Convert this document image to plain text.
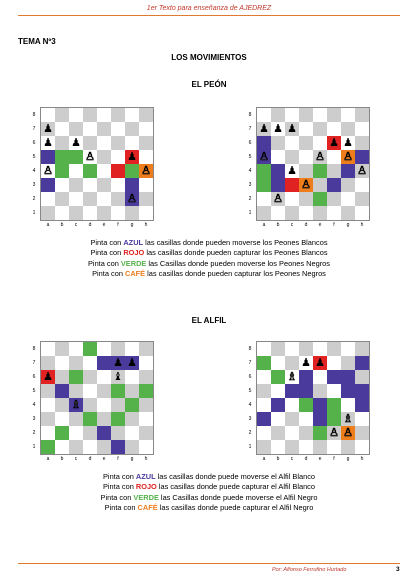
1er Texto para enseñanza de AJEDREZ
TEMA Nº3
LOS MOVIMIENTOS
EL PEÓN
♟
♟ ♟
♙	♟
♙	♙
♙
♟ ♟ ♟
♟ ♟
♙	♙ ♙
♟	♙
♙
♙
Pinta con AZUL las casillas donde pueden moverse los Peones Blancos
Pinta con ROJO las casillas donde pueden capturar los Peones Blancos
Pinta con VERDE las Casillas donde pueden moverse los Peones Negros
Pinta con CAFÉ las casillas donde pueden capturar los Peones Negros
EL ALFIL
♟ ♟
♟	♝
♗
♟ ♟
♗
♗
♙ ♙
Pinta con AZUL las casillas donde puede moverse el Alfil Blanco
Pinta con ROJO las casillas donde puede capturar el Alfil Blanco
Pinta con VERDE las Casillas donde puede moverse el Alfil Negro
Pinta con CAFÉ las casillas donde puede capturar el Alfil Negro
Por: Alfonso Ferrufino Hurtado	3
8
7
6
5
4
3
2
1
a	b	c	d	e	f	g	h
8
7
6
5
4
3
2
1
a	b	c	d	e	f	g	h
8
7
6
5
4
3
2
1
a	b	c	d	e	f	g	h
8
7
6
5
4
3
2
1
a	b	c	d	e	f	g	h
